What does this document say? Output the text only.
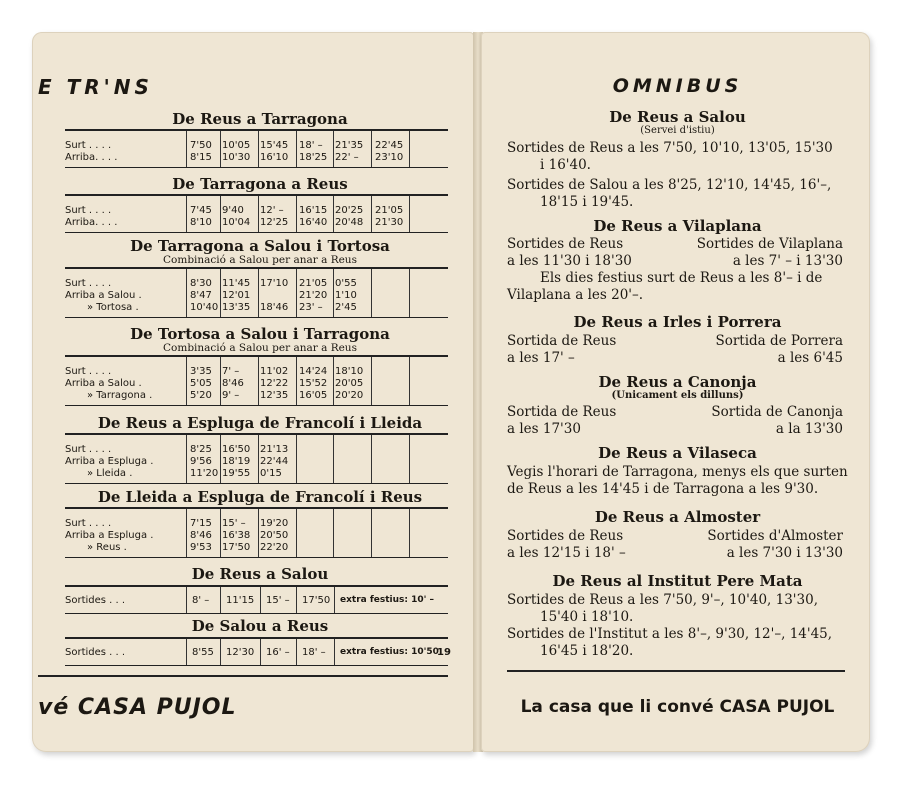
E TR'NS
De Reus a Tarragona
Surt . . . .	7'50 10'05 15'45 18' – 21'35 22'45
Arriba. . . .	8'15 10'30 16'10 18'25 22' – 23'10
De Tarragona a Reus
Surt . . . .	7'45 9'40 12' – 16'15 20'25 21'05
Arriba. . . .	8'10 10'04 12'25 16'40 20'48 21'30
De Tarragona a Salou i Tortosa
Combinació a Salou per anar a Reus
Surt . . . .	8'30 11'45 17'10 21'05 0'55
Arriba a Salou .	8'47 12'01	21'20 1'10
» Tortosa .	10'40 13'35 18'46 23' – 2'45
De Tortosa a Salou i Tarragona
Combinació a Salou per anar a Reus
Surt . . . .	3'35 7' – 11'02 14'24 18'10
Arriba a Salou .	5'05 8'46 12'22 15'52 20'05
» Tarragona .	5'20 9' – 12'35 16'05 20'20
De Reus a Espluga de Francolí i Lleida
Surt . . . .	8'25 16'50 21'13
Arriba a Espluga .	9'56 18'19 22'44
» Lleida .	11'20 19'55 0'15
De Lleida a Espluga de Francolí i Reus
Surt . . . .	7'15 15' – 19'20
Arriba a Espluga .	8'46 16'38 20'50
» Reus .	9'53 17'50 22'20
De Reus a Salou
Sortides . . .	8' – 11'15 15' – 17'50 extra festius: 10' –
De Salou a Reus
Sortides . . .	8'55 12'30 16' – 18' – extra festius: 10'50
19
vé CASA PUJOL
OMNIBUS
De Reus a Salou
(Servei d'istiu)
Sortides de Reus a les 7'50, 10'10, 13'05, 15'30
i 16'40.
Sortides de Salou a les 8'25, 12'10, 14'45, 16'–,
18'15 i 19'45.
De Reus a Vilaplana
Sortides de Reus	Sortides de Vilaplana
a les 11'30 i 18'30	a les 7' – i 13'30
Els dies festius surt de Reus a les 8'– i de
Vilaplana a les 20'–.
De Reus a Irles i Porrera
Sortida de Reus	Sortida de Porrera
a les 17' –	a les 6'45
De Reus a Canonja
(Unicament els dilluns)
Sortida de Reus	Sortida de Canonja
a les 17'30	a la 13'30
De Reus a Vilaseca
Vegis l'horari de Tarragona, menys els que surten
de Reus a les 14'45 i de Tarragona a les 9'30.
De Reus a Almoster
Sortides de Reus	Sortides d'Almoster
a les 12'15 i 18' –	a les 7'30 i 13'30
De Reus al Institut Pere Mata
Sortides de Reus a les 7'50, 9'–, 10'40, 13'30,
15'40 i 18'10.
Sortides de l'Institut a les 8'–, 9'30, 12'–, 14'45,
16'45 i 18'20.
La casa que li convé CASA PUJOL
